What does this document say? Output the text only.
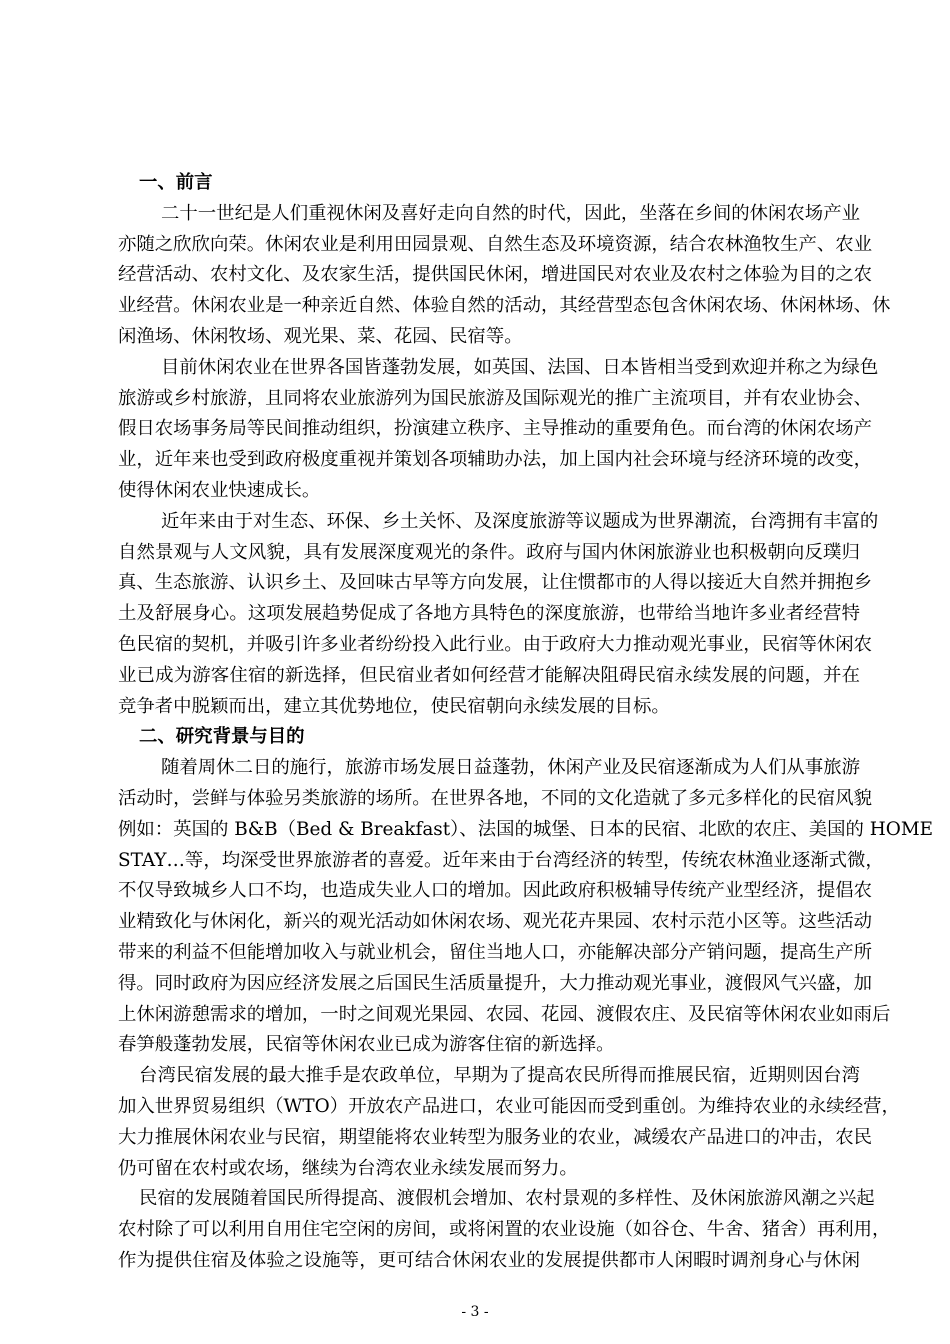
一、前言
二十一世纪是人们重视休闲及喜好走向自然的时代，因此，坐落在乡间的休闲农场产业
亦随之欣欣向荣。休闲农业是利用田园景观、自然生态及环境资源，结合农林渔牧生产、农业
经营活动、农村文化、及农家生活，提供国民休闲，增进国民对农业及农村之体验为目的之农
业经营。休闲农业是一种亲近自然、体验自然的活动，其经营型态包含休闲农场、休闲林场、休
闲渔场、休闲牧场、观光果、菜、花园、民宿等。
目前休闲农业在世界各国皆蓬勃发展，如英国、法国、日本皆相当受到欢迎并称之为绿色
旅游或乡村旅游，且同将农业旅游列为国民旅游及国际观光的推广主流项目，并有农业协会、
假日农场事务局等民间推动组织，扮演建立秩序、主导推动的重要角色。而台湾的休闲农场产
业，近年来也受到政府极度重视并策划各项辅助办法，加上国内社会环境与经济环境的改变，
使得休闲农业快速成长。
近年来由于对生态、环保、乡土关怀、及深度旅游等议题成为世界潮流，台湾拥有丰富的
自然景观与人文风貌，具有发展深度观光的条件。政府与国内休闲旅游业也积极朝向反璞归
真、生态旅游、认识乡土、及回味古早等方向发展，让住惯都市的人得以接近大自然并拥抱乡
土及舒展身心。这项发展趋势促成了各地方具特色的深度旅游，也带给当地许多业者经营特
色民宿的契机，并吸引许多业者纷纷投入此行业。由于政府大力推动观光事业，民宿等休闲农
业已成为游客住宿的新选择，但民宿业者如何经营才能解决阻碍民宿永续发展的问题，并在
竞争者中脱颖而出，建立其优势地位，使民宿朝向永续发展的目标。
二、研究背景与目的
随着周休二日的施行，旅游市场发展日益蓬勃，休闲产业及民宿逐渐成为人们从事旅游
活动时，尝鲜与体验另类旅游的场所。在世界各地，不同的文化造就了多元多样化的民宿风貌
例如：英国的 B&B（Bed & Breakfast）、法国的城堡、日本的民宿、北欧的农庄、美国的 HOME
STAY…等，均深受世界旅游者的喜爱。近年来由于台湾经济的转型，传统农林渔业逐渐式微，
不仅导致城乡人口不均，也造成失业人口的增加。因此政府积极辅导传统产业型经济，提倡农
业精致化与休闲化，新兴的观光活动如休闲农场、观光花卉果园、农村示范小区等。这些活动
带来的利益不但能增加收入与就业机会，留住当地人口，亦能解决部分产销问题，提高生产所
得。同时政府为因应经济发展之后国民生活质量提升，大力推动观光事业，渡假风气兴盛，加
上休闲游憩需求的增加，一时之间观光果园、农园、花园、渡假农庄、及民宿等休闲农业如雨后
春笋般蓬勃发展，民宿等休闲农业已成为游客住宿的新选择。
台湾民宿发展的最大推手是农政单位，早期为了提高农民所得而推展民宿，近期则因台湾
加入世界贸易组织（WTO）开放农产品进口，农业可能因而受到重创。为维持农业的永续经营，
大力推展休闲农业与民宿，期望能将农业转型为服务业的农业，减缓农产品进口的冲击，农民
仍可留在农村或农场，继续为台湾农业永续发展而努力。
民宿的发展随着国民所得提高、渡假机会增加、农村景观的多样性、及休闲旅游风潮之兴起
农村除了可以利用自用住宅空闲的房间，或将闲置的农业设施（如谷仓、牛舍、猪舍）再利用，
作为提供住宿及体验之设施等，更可结合休闲农业的发展提供都市人闲暇时调剂身心与休闲
- 3 -
